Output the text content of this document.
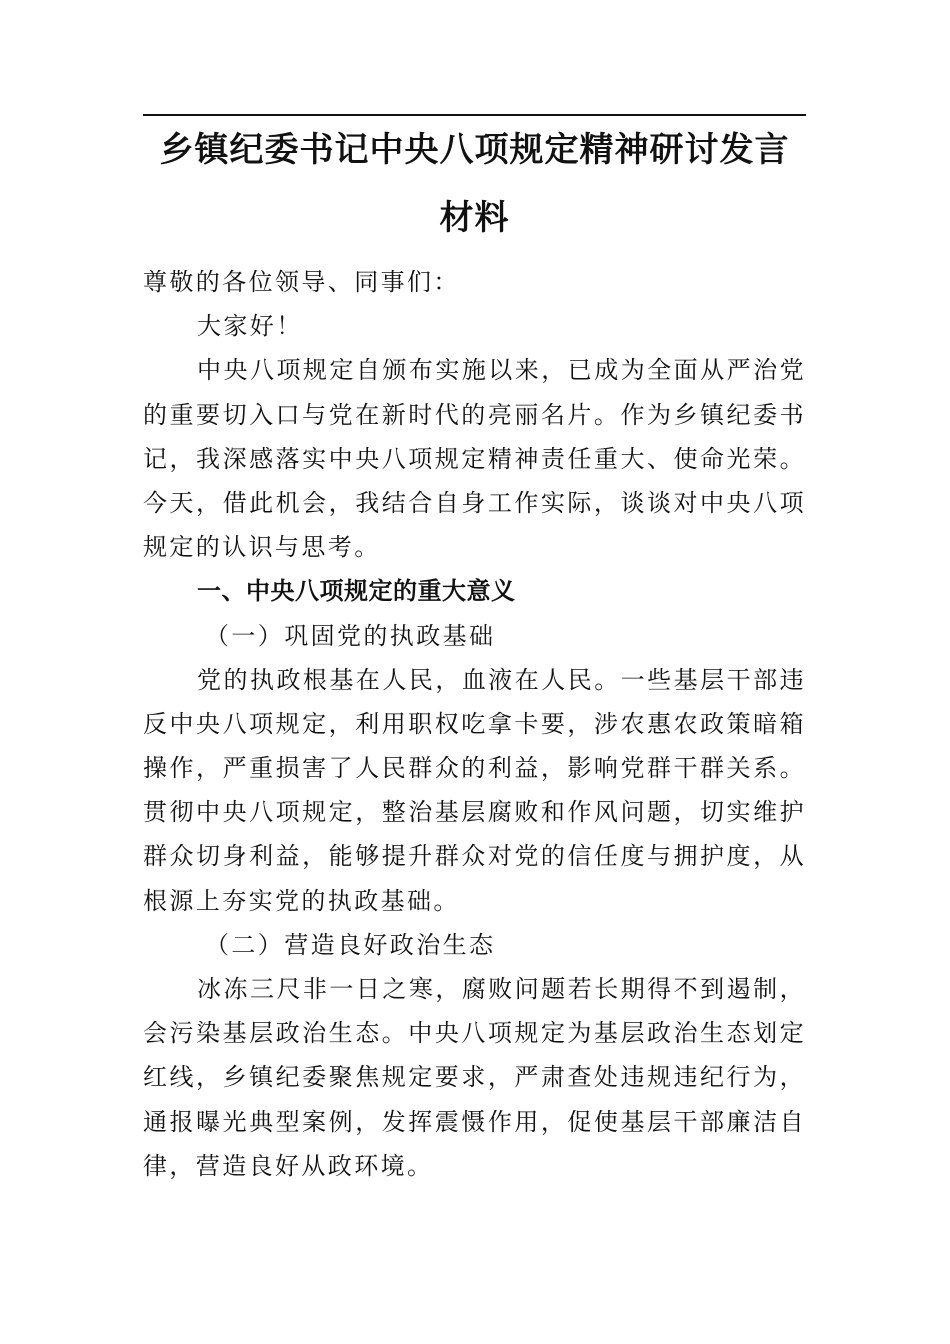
乡镇纪委书记中央八项规定精神研讨发言
材料
尊敬的各位领导、同事们：
大家好！
中央八项规定自颁布实施以来，已成为全面从严治党
的重要切入口与党在新时代的亮丽名片。作为乡镇纪委书
记，我深感落实中央八项规定精神责任重大、使命光荣。
今天，借此机会，我结合自身工作实际，谈谈对中央八项
规定的认识与思考。
一、中央八项规定的重大意义
（一）巩固党的执政基础
党的执政根基在人民，血液在人民。一些基层干部违
反中央八项规定，利用职权吃拿卡要，涉农惠农政策暗箱
操作，严重损害了人民群众的利益，影响党群干群关系。
贯彻中央八项规定，整治基层腐败和作风问题，切实维护
群众切身利益，能够提升群众对党的信任度与拥护度，从
根源上夯实党的执政基础。
（二）营造良好政治生态
冰冻三尺非一日之寒，腐败问题若长期得不到遏制，
会污染基层政治生态。中央八项规定为基层政治生态划定
红线，乡镇纪委聚焦规定要求，严肃查处违规违纪行为，
通报曝光典型案例，发挥震慑作用，促使基层干部廉洁自
律，营造良好从政环境。
